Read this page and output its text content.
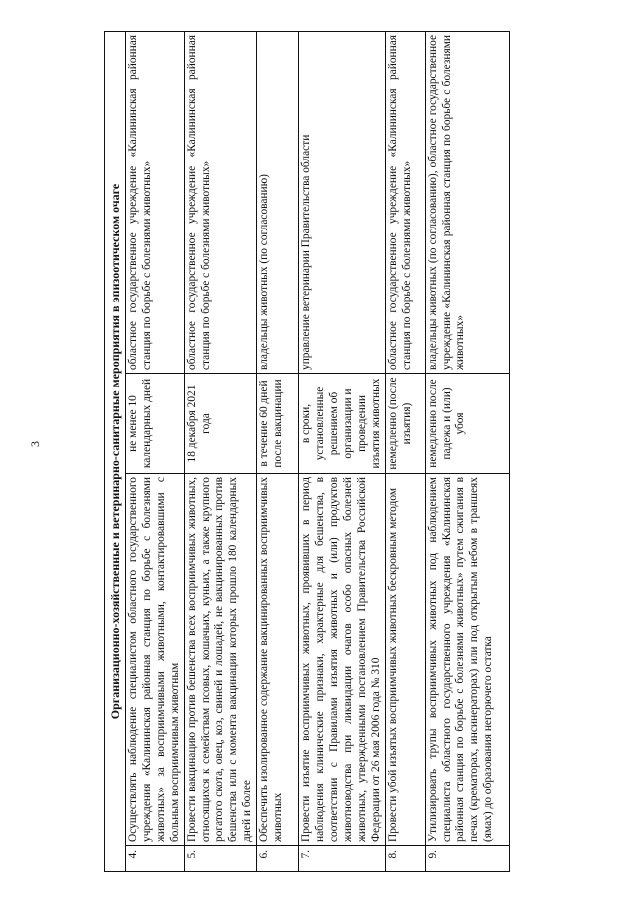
3	Организационно-хозяйственные и ветеринарно-санитарные мероприятия в эпизоотическом очаге			
4.	Осуществлять наблюдение специалистом областного государственного учреждения «Калининская районная станция по борьбе с болезнями животных» за восприимчивыми животными, контактировавшими с больным восприимчивым животным	не менее 10 календарных дней	областное государственное учреждение «Калининская районная станция по борьбе с болезнями животных»
5.	Провести вакцинацию против бешенства всех восприимчивых животных, относящихся к семействам псовых, кошачьих, куньих, а также крупного рогатого скота, овец, коз, свиней и лошадей, не вакцинированных против бешенства или с момента вакцинации которых прошло 180 календарных дней и более	18 декабря 2021 года	областное государственное учреждение «Калининская районная станция по борьбе с болезнями животных»
6.	Обеспечить изолированное содержание вакцинированных восприимчивых животных	в течение 60 дней после вакцинации	владельцы животных (по согласованию)
7.	Провести изъятие восприимчивых животных, проявивших в период наблюдения клинические признаки, характерные для бешенства, в соответствии с Правилами изъятия животных и (или) продуктов животноводства при ликвидации очагов особо опасных болезней животных, утвержденными постановлением Правительства Российской Федерации от 26 мая 2006 года № 310	в сроки, установленные решением об организации и проведении изъятия животных	управление ветеринарии Правительства области
8.	Провести убой изъятых восприимчивых животных бескровным методом	немедленно (после изъятия)	областное государственное учреждение «Калининская районная станция по борьбе с болезнями животных»
9.	Утилизировать трупы восприимчивых животных под наблюдением специалиста областного государственного учреждения «Калининская районная станция по борьбе с болезнями животных» путем сжигания в печах (крематорах, инсинераторах) или под открытым небом в траншеях (ямах) до образования негорючего остатка	немедленно после падежа и (или) убоя	владельцы животных (по согласованию), областное государственное учреждение «Калининская районная станция по борьбе с болезнями животных»
